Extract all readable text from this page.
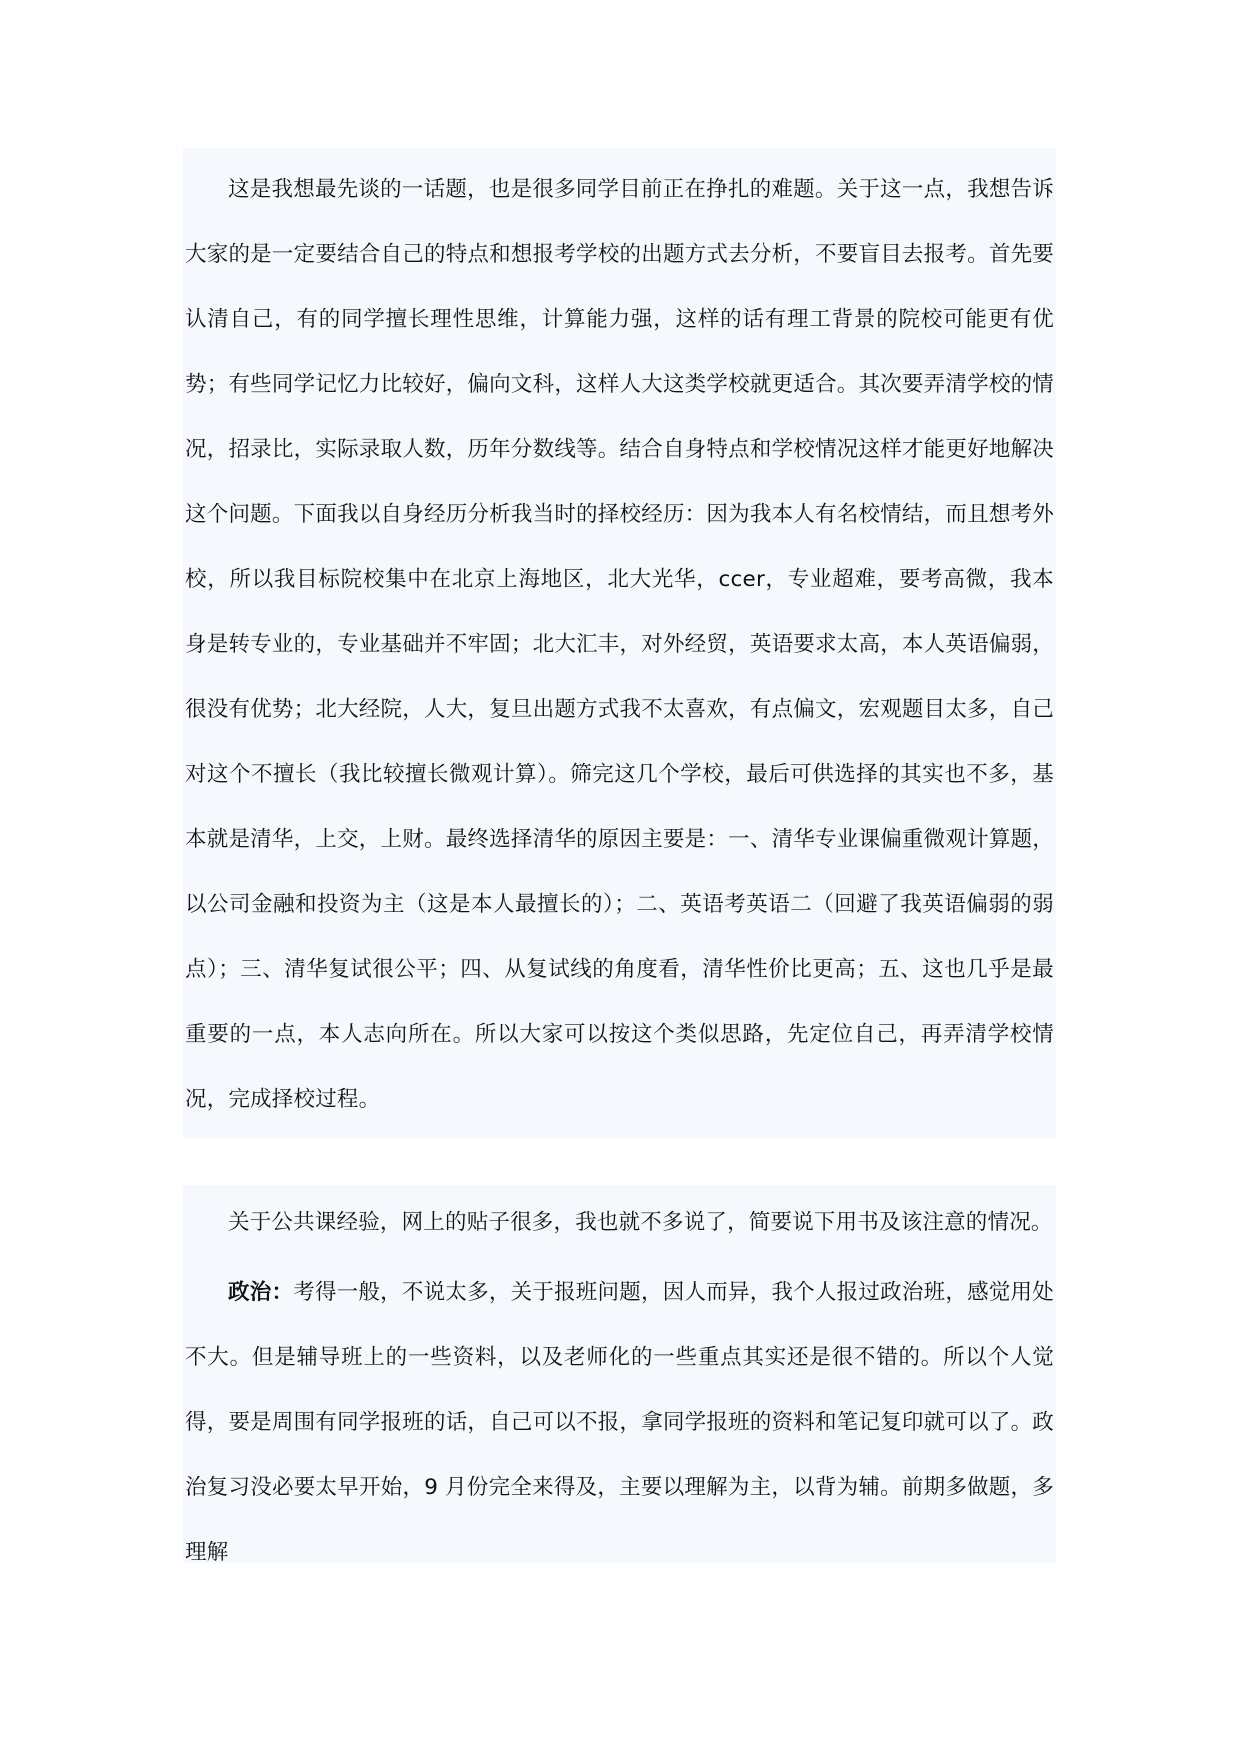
这是我想最先谈的一话题，也是很多同学目前正在挣扎的难题。关于这一点，我想告诉大家的是一定要结合自己的特点和想报考学校的出题方式去分析，不要盲目去报考。首先要认清自己，有的同学擅长理性思维，计算能力强，这样的话有理工背景的院校可能更有优势；有些同学记忆力比较好，偏向文科，这样人大这类学校就更适合。其次要弄清学校的情况，招录比，实际录取人数，历年分数线等。结合自身特点和学校情况这样才能更好地解决这个问题。下面我以自身经历分析我当时的择校经历：因为我本人有名校情结，而且想考外校，所以我目标院校集中在北京上海地区，北大光华，ccer，专业超难，要考高微，我本身是转专业的，专业基础并不牢固；北大汇丰，对外经贸，英语要求太高，本人英语偏弱，很没有优势；北大经院，人大，复旦出题方式我不太喜欢，有点偏文，宏观题目太多，自己对这个不擅长（我比较擅长微观计算）。筛完这几个学校，最后可供选择的其实也不多，基本就是清华，上交，上财。最终选择清华的原因主要是：一、清华专业课偏重微观计算题，以公司金融和投资为主（这是本人最擅长的）；二、英语考英语二（回避了我英语偏弱的弱点）；三、清华复试很公平；四、从复试线的角度看，清华性价比更高；五、这也几乎是最重要的一点，本人志向所在。所以大家可以按这个类似思路，先定位自己，再弄清学校情况，完成择校过程。

关于公共课经验，网上的贴子很多，我也就不多说了，简要说下用书及该注意的情况。

政治：考得一般，不说太多，关于报班问题，因人而异，我个人报过政治班，感觉用处不大。但是辅导班上的一些资料，以及老师化的一些重点其实还是很不错的。所以个人觉得，要是周围有同学报班的话，自己可以不报，拿同学报班的资料和笔记复印就可以了。政治复习没必要太早开始，9 月份完全来得及，主要以理解为主，以背为辅。前期多做题，多理解
